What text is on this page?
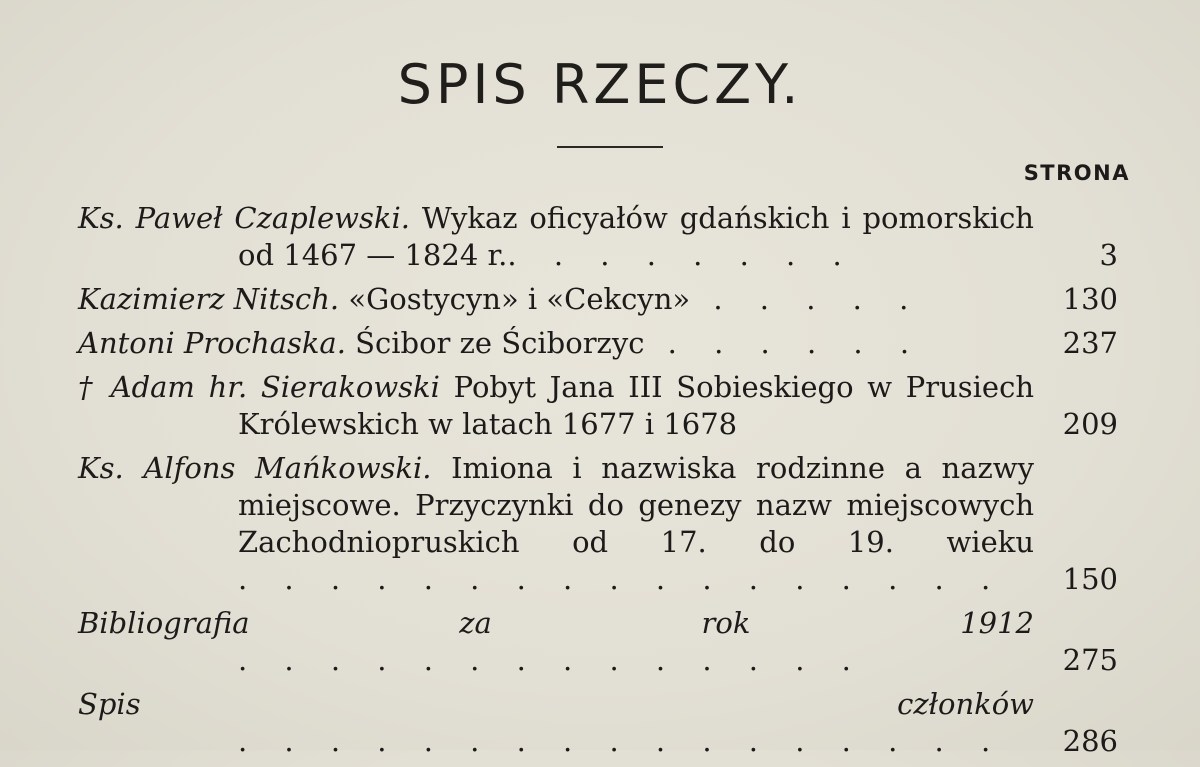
SPIS RZECZY.
STRONA
Ks. Paweł Czaplewski. Wykaz oficyałów gdańskich i pomorskich od 1467 — 1824 r.. . . . . . . .	3
Kazimierz Nitsch. «Gostycyn» i «Cekcyn» . . . . .	130
Antoni Prochaska. Ścibor ze Ściborzyc . . . . . .	237
† Adam hr. Sierakowski Pobyt Jana III Sobieskiego w Prusiech Królewskich w latach 1677 i 1678	209
Ks. Alfons Mańkowski. Imiona i nazwiska rodzinne a nazwy miejscowe. Przyczynki do genezy nazw miejscowych Zachodniopruskich od 17. do 19. wieku . . . . . . . . . . . . . . . . .	150
Bibliografia za rok 1912 . . . . . . . . . . . . . .	275
Spis członków . . . . . . . . . . . . . . . . .	286
